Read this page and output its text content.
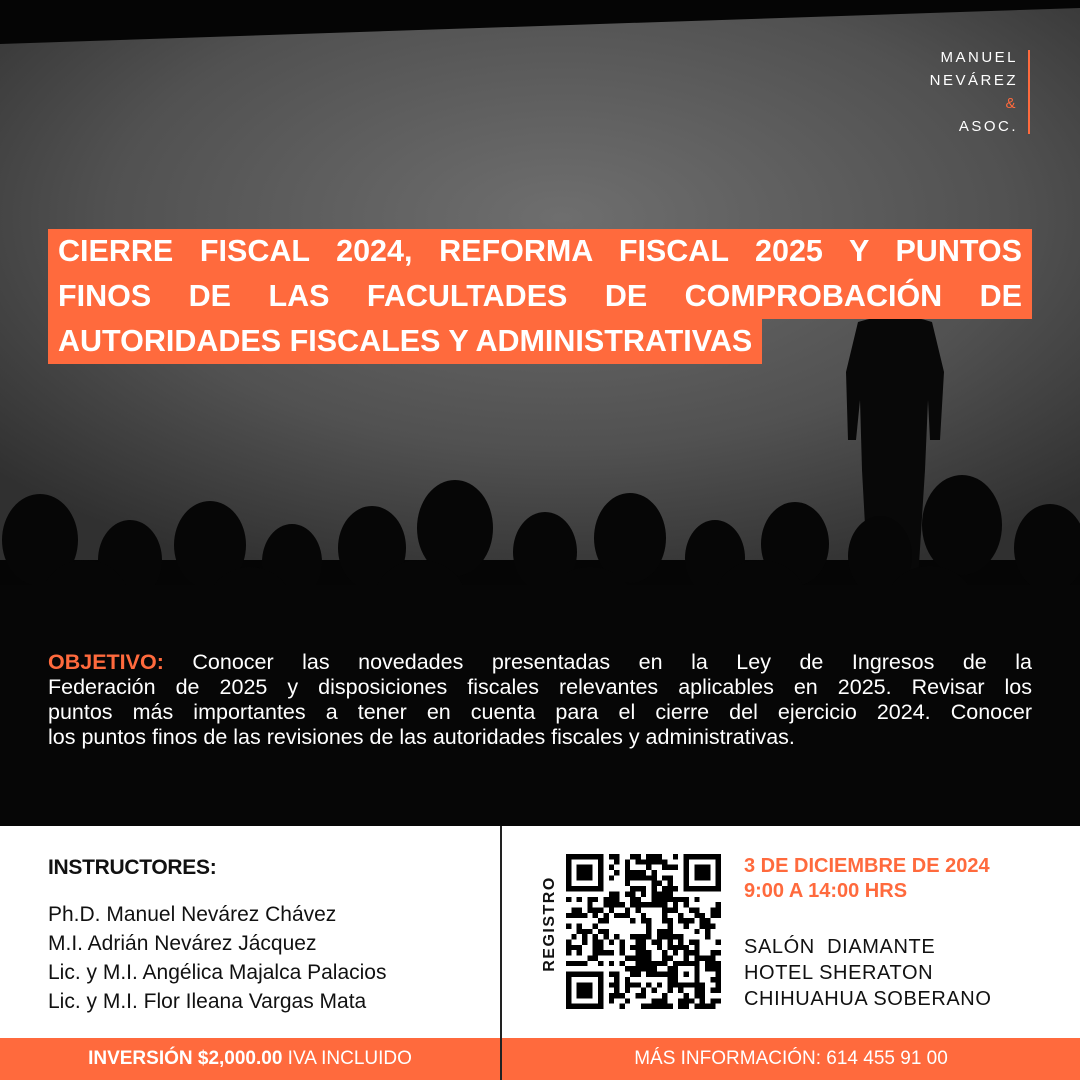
MANUEL
NEVÁREZ
&
ASOC.
CIERRE FISCAL 2024, REFORMA FISCAL 2025 Y PUNTOS
FINOS DE LAS FACULTADES DE COMPROBACIÓN DE
AUTORIDADES FISCALES Y ADMINISTRATIVAS
OBJETIVO: Conocer las novedades presentadas en la Ley de Ingresos de la
Federación de 2025 y disposiciones fiscales relevantes aplicables en 2025. Revisar los
puntos más importantes a tener en cuenta para el cierre del ejercicio 2024. Conocer
los puntos finos de las revisiones de las autoridades fiscales y administrativas.
INSTRUCTORES:
Ph.D. Manuel Nevárez Chávez
M.I. Adrián Nevárez Jácquez
Lic. y M.I. Angélica Majalca Palacios
Lic. y M.I. Flor Ileana Vargas Mata
REGISTRO
3 DE DICIEMBRE DE 2024
9:00 A 14:00 HRS
SALÓN  DIAMANTE
HOTEL SHERATON
CHIHUAHUA SOBERANO
INVERSIÓN $2,000.00 IVA INCLUIDO	MÁS INFORMACIÓN: 614 455 91 00
